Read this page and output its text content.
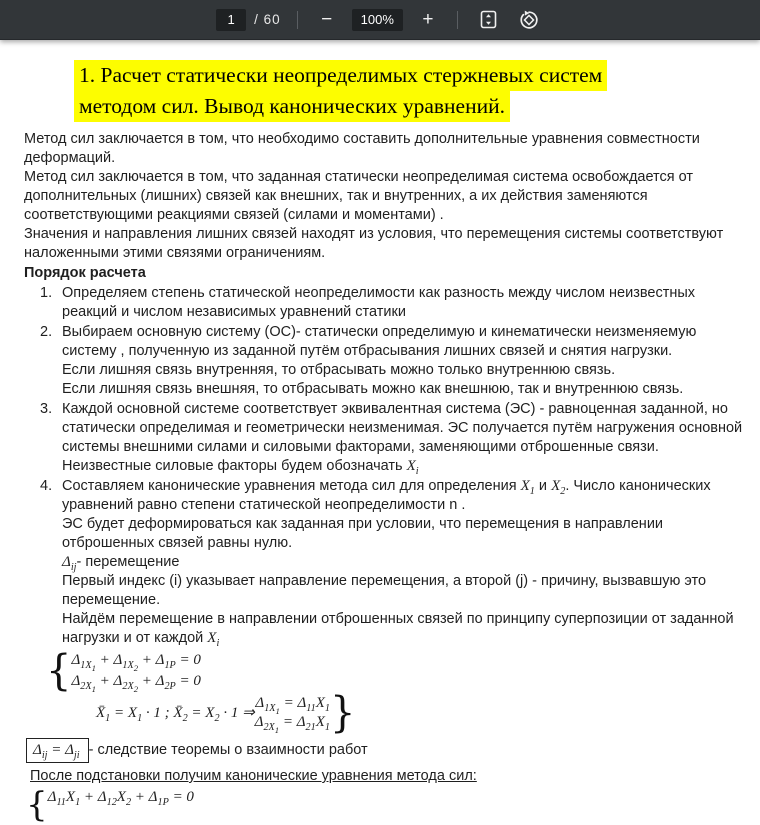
1	/ 60	−	100%	+
1. Расчет статически неопределимых стержневых систем
методом сил. Вывод канонических уравнений.

Метод сил заключается в том, что необходимо составить дополнительные уравнения совместности деформаций.

Метод сил заключается в том, что заданная статически неопределимая система освобождается от дополнительных (лишних) связей как внешних, так и внутренних, а их действия заменяются соответствующими реакциями связей (силами и моментами) .

Значения и направления лишних связей находят из условия, что перемещения системы соответствуют наложенными этими связями ограничениям.

Порядок расчета

1. Определяем степень статической неопределимости как разность между числом неизвестных реакций и числом независимых уравнений статики
2. Выбираем основную систему (ОС)- статически определимую и кинематически неизменяемую систему , полученную из заданной путём отбрасывания лишних связей и снятия нагрузки.
Если лишняя связь внутренняя, то отбрасывать можно только внутреннюю связь.
Если лишняя связь внешняя, то отбрасывать можно как внешнюю, так и внутреннюю связь.
3. Каждой основной системе соответствует эквивалентная система (ЭС) - равноценная заданной, но статически определимая и геометрически неизменимая. ЭС получается путём нагружения основной системы внешними силами и силовыми факторами, заменяющими отброшенные связи.
Неизвестные силовые факторы будем обозначать $X_i$
4. Составляем канонические уравнения метода сил для определения $X_1$ и $X_2$. Число канонических уравнений равно степени статической неопределимости n .
ЭС будет деформироваться как заданная при условии, что перемещения в направлении отброшенных связей равны нулю.
$\Delta_{ij}-$ перемещение
Первый индекс (i) указывает направление перемещения, а второй (j) - причину, вызвавшую это перемещение.
Найдём перемещение в направлении отброшенных связей по принципу суперпозиции от заданной нагрузки и от каждой $X_i$
{ $\Delta_{1X_1} + \Delta_{1X_2} + \Delta_{1P} = 0$
$\Delta_{2X_1} + \Delta_{2X_2} + \Delta_{2P} = 0$
$X̄_1 = X_1 \cdot 1$ ; $X̄_2 = X_2 \cdot 1$ ⇒
$\Delta_{1X_1} = \Delta_{11}X_1$
$\Delta_{2X_1} = \Delta_{21}X_1$ }
$\Delta_{ij} = \Delta_{ji}$ - следствие теоремы о взаимности работ
После подстановки получим канонические уравнения метода сил:
{ $\Delta_{11}X_1 + \Delta_{12}X_2 + \Delta_{1P} = 0$
